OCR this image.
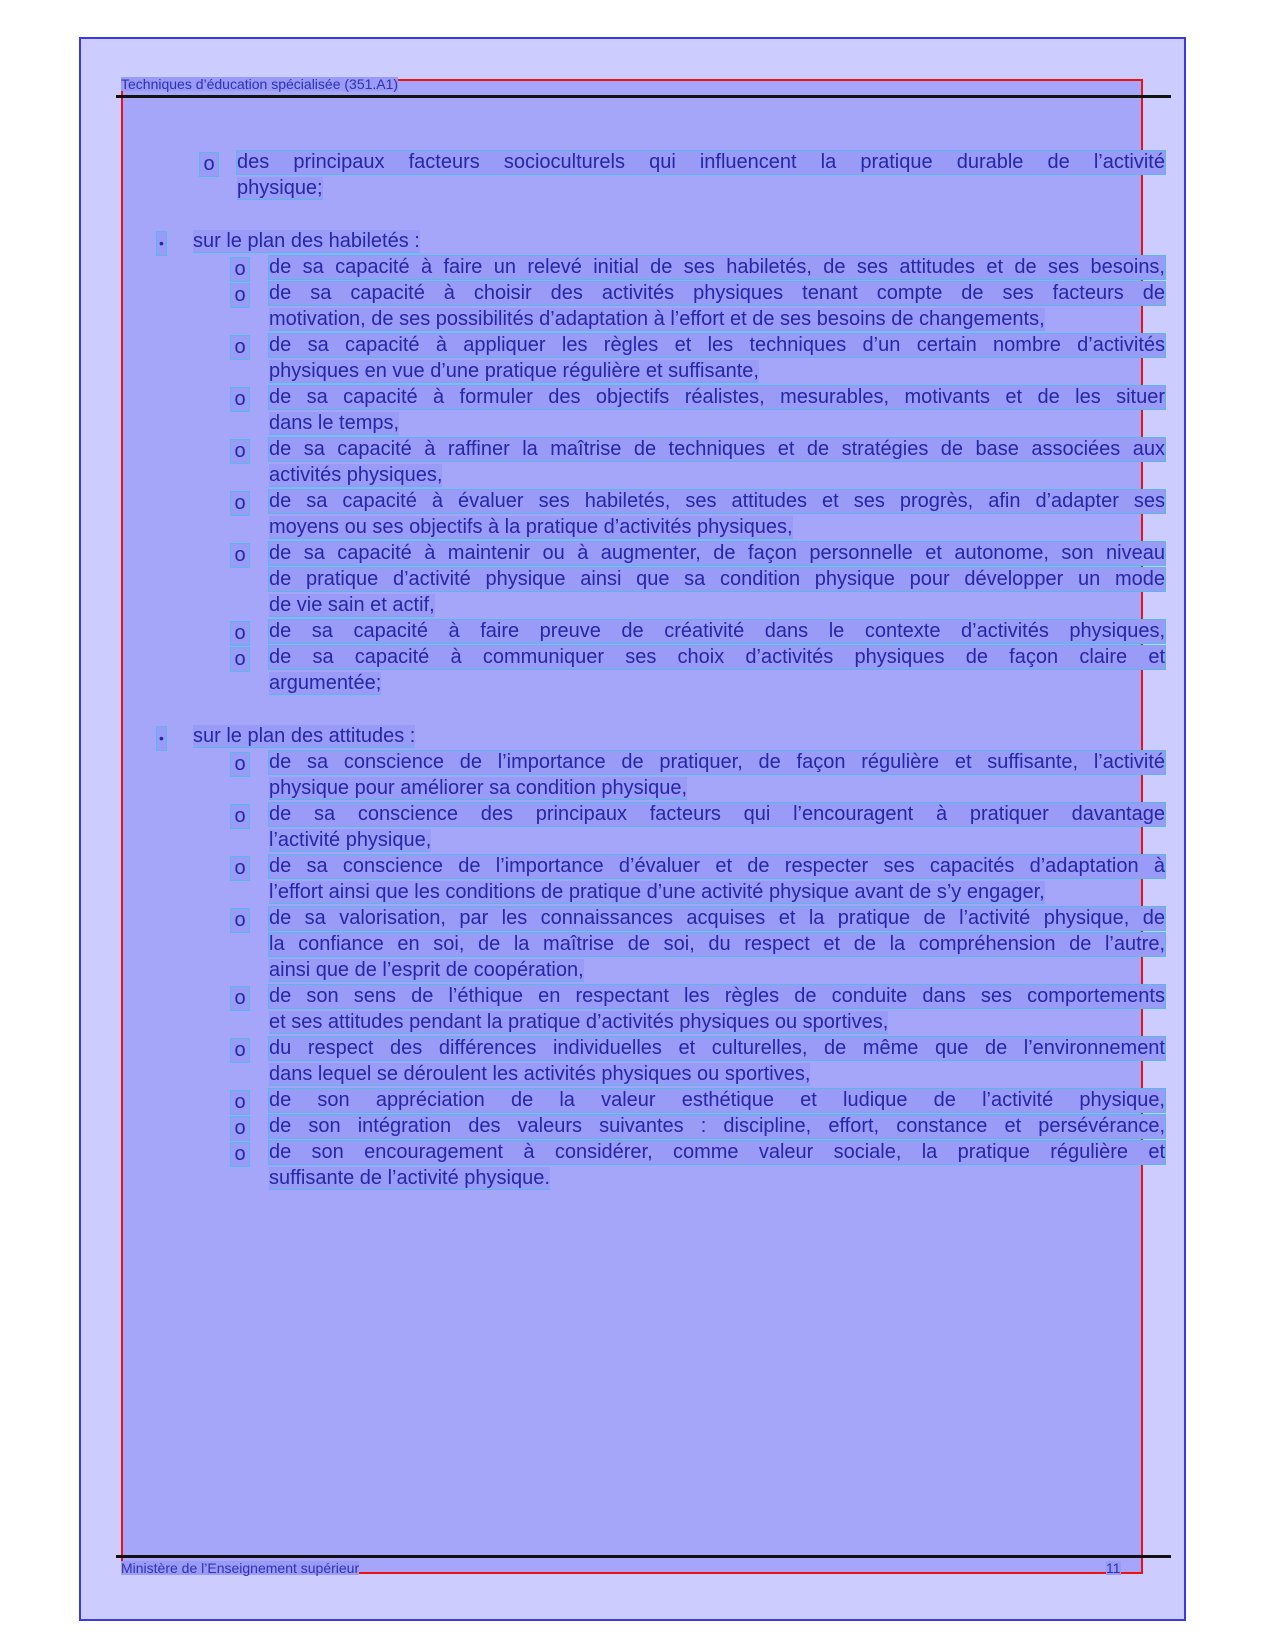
Techniques d’éducation spécialisée (351.A1)
o des principaux facteurs socioculturels qui influencent la pratique durable de l’activité
physique;
• sur le plan des habiletés :
o de sa capacité à faire un relevé initial de ses habiletés, de ses attitudes et de ses besoins,
o de sa capacité à choisir des activités physiques tenant compte de ses facteurs de
motivation, de ses possibilités d’adaptation à l’effort et de ses besoins de changements,
o de sa capacité à appliquer les règles et les techniques d’un certain nombre d’activités
physiques en vue d’une pratique régulière et suffisante,
o de sa capacité à formuler des objectifs réalistes, mesurables, motivants et de les situer
dans le temps,
o de sa capacité à raffiner la maîtrise de techniques et de stratégies de base associées aux
activités physiques,
o de sa capacité à évaluer ses habiletés, ses attitudes et ses progrès, afin d’adapter ses
moyens ou ses objectifs à la pratique d’activités physiques,
o de sa capacité à maintenir ou à augmenter, de façon personnelle et autonome, son niveau
de pratique d’activité physique ainsi que sa condition physique pour développer un mode
de vie sain et actif,
o de sa capacité à faire preuve de créativité dans le contexte d’activités physiques,
o de sa capacité à communiquer ses choix d’activités physiques de façon claire et
argumentée;
• sur le plan des attitudes :
o de sa conscience de l’importance de pratiquer, de façon régulière et suffisante, l’activité
physique pour améliorer sa condition physique,
o de sa conscience des principaux facteurs qui l’encouragent à pratiquer davantage
l’activité physique,
o de sa conscience de l’importance d’évaluer et de respecter ses capacités d’adaptation à
l’effort ainsi que les conditions de pratique d’une activité physique avant de s’y engager,
o de sa valorisation, par les connaissances acquises et la pratique de l’activité physique, de
la confiance en soi, de la maîtrise de soi, du respect et de la compréhension de l’autre,
ainsi que de l’esprit de coopération,
o de son sens de l’éthique en respectant les règles de conduite dans ses comportements
et ses attitudes pendant la pratique d’activités physiques ou sportives,
o du respect des différences individuelles et culturelles, de même que de l’environnement
dans lequel se déroulent les activités physiques ou sportives,
o de son appréciation de la valeur esthétique et ludique de l’activité physique,
o de son intégration des valeurs suivantes : discipline, effort, constance et persévérance,
o de son encouragement à considérer, comme valeur sociale, la pratique régulière et
suffisante de l’activité physique.
Ministère de l’Enseignement supérieur	11
